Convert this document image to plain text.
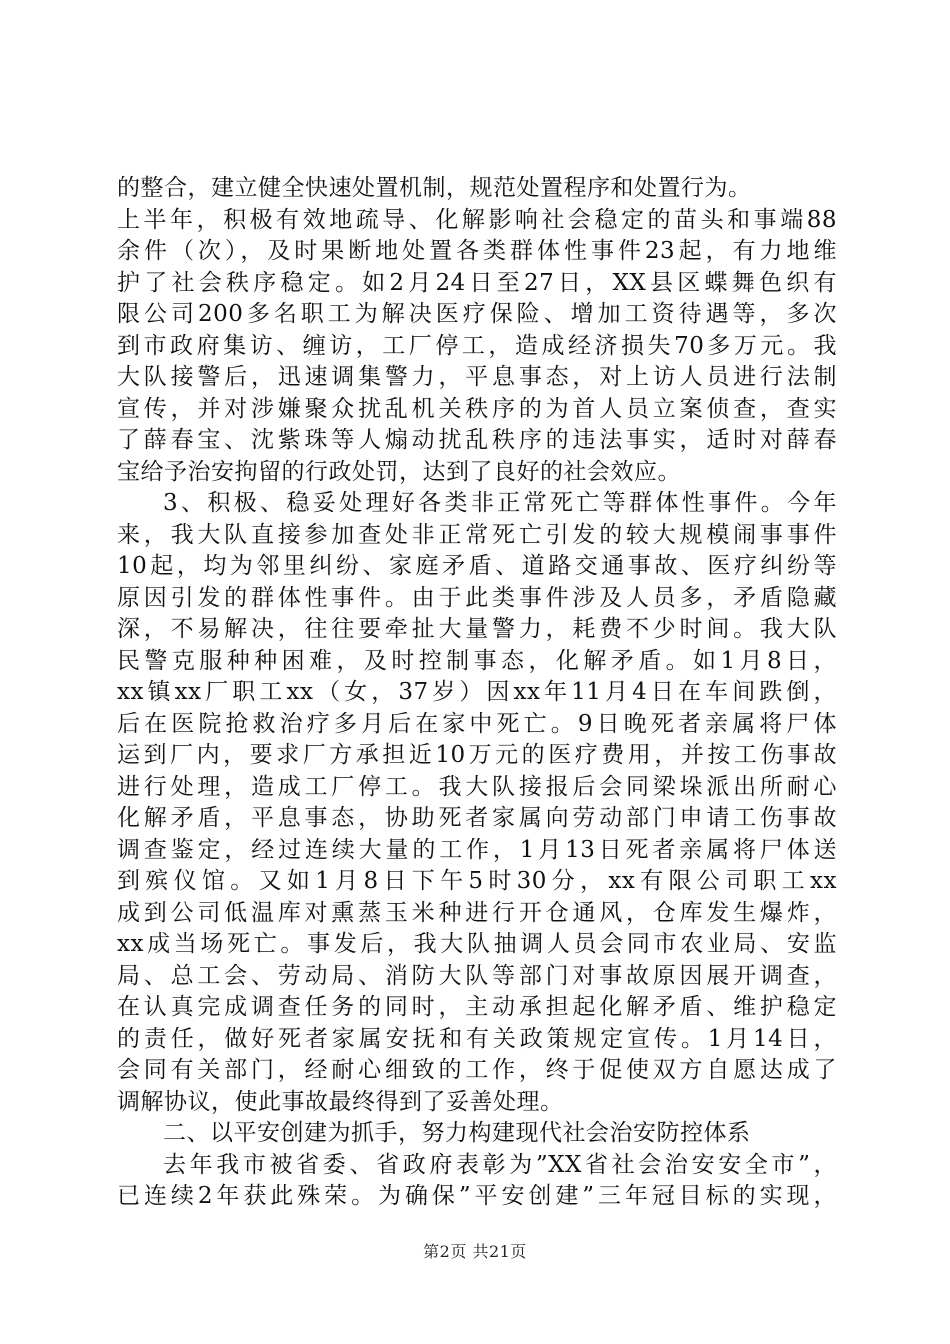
的整合，建立健全快速处置机制，规范处置程序和处置行为。
上半年，积极有效地疏导、化解影响社会稳定的苗头和事端88
余件（次），及时果断地处置各类群体性事件23起，有力地维
护了社会秩序稳定。如2月24日至27日，XX县区蝶舞色织有
限公司200多名职工为解决医疗保险、增加工资待遇等，多次
到市政府集访、缠访，工厂停工，造成经济损失70多万元。我
大队接警后，迅速调集警力，平息事态，对上访人员进行法制
宣传，并对涉嫌聚众扰乱机关秩序的为首人员立案侦查，查实
了薛春宝、沈紫珠等人煽动扰乱秩序的违法事实，适时对薛春
宝给予治安拘留的行政处罚，达到了良好的社会效应。
3、积极、稳妥处理好各类非正常死亡等群体性事件。今年
来，我大队直接参加查处非正常死亡引发的较大规模闹事事件
10起，均为邻里纠纷、家庭矛盾、道路交通事故、医疗纠纷等
原因引发的群体性事件。由于此类事件涉及人员多，矛盾隐藏
深，不易解决，往往要牵扯大量警力，耗费不少时间。我大队
民警克服种种困难，及时控制事态，化解矛盾。如1月8日，
xx镇xx厂职工xx（女，37岁）因xx年11月4日在车间跌倒，
后在医院抢救治疗多月后在家中死亡。9日晚死者亲属将尸体
运到厂内，要求厂方承担近10万元的医疗费用，并按工伤事故
进行处理，造成工厂停工。我大队接报后会同梁垛派出所耐心
化解矛盾，平息事态，协助死者家属向劳动部门申请工伤事故
调查鉴定，经过连续大量的工作，1月13日死者亲属将尸体送
到殡仪馆。又如1月8日下午5时30分，xx有限公司职工xx
成到公司低温库对熏蒸玉米种进行开仓通风，仓库发生爆炸，
xx成当场死亡。事发后，我大队抽调人员会同市农业局、安监
局、总工会、劳动局、消防大队等部门对事故原因展开调查，
在认真完成调查任务的同时，主动承担起化解矛盾、维护稳定
的责任，做好死者家属安抚和有关政策规定宣传。1月14日，
会同有关部门，经耐心细致的工作，终于促使双方自愿达成了
调解协议，使此事故最终得到了妥善处理。
二、以平安创建为抓手，努力构建现代社会治安防控体系
去年我市被省委、省政府表彰为”XX省社会治安安全市”，
已连续2年获此殊荣。为确保”平安创建”三年冠目标的实现，
第2页 共21页
